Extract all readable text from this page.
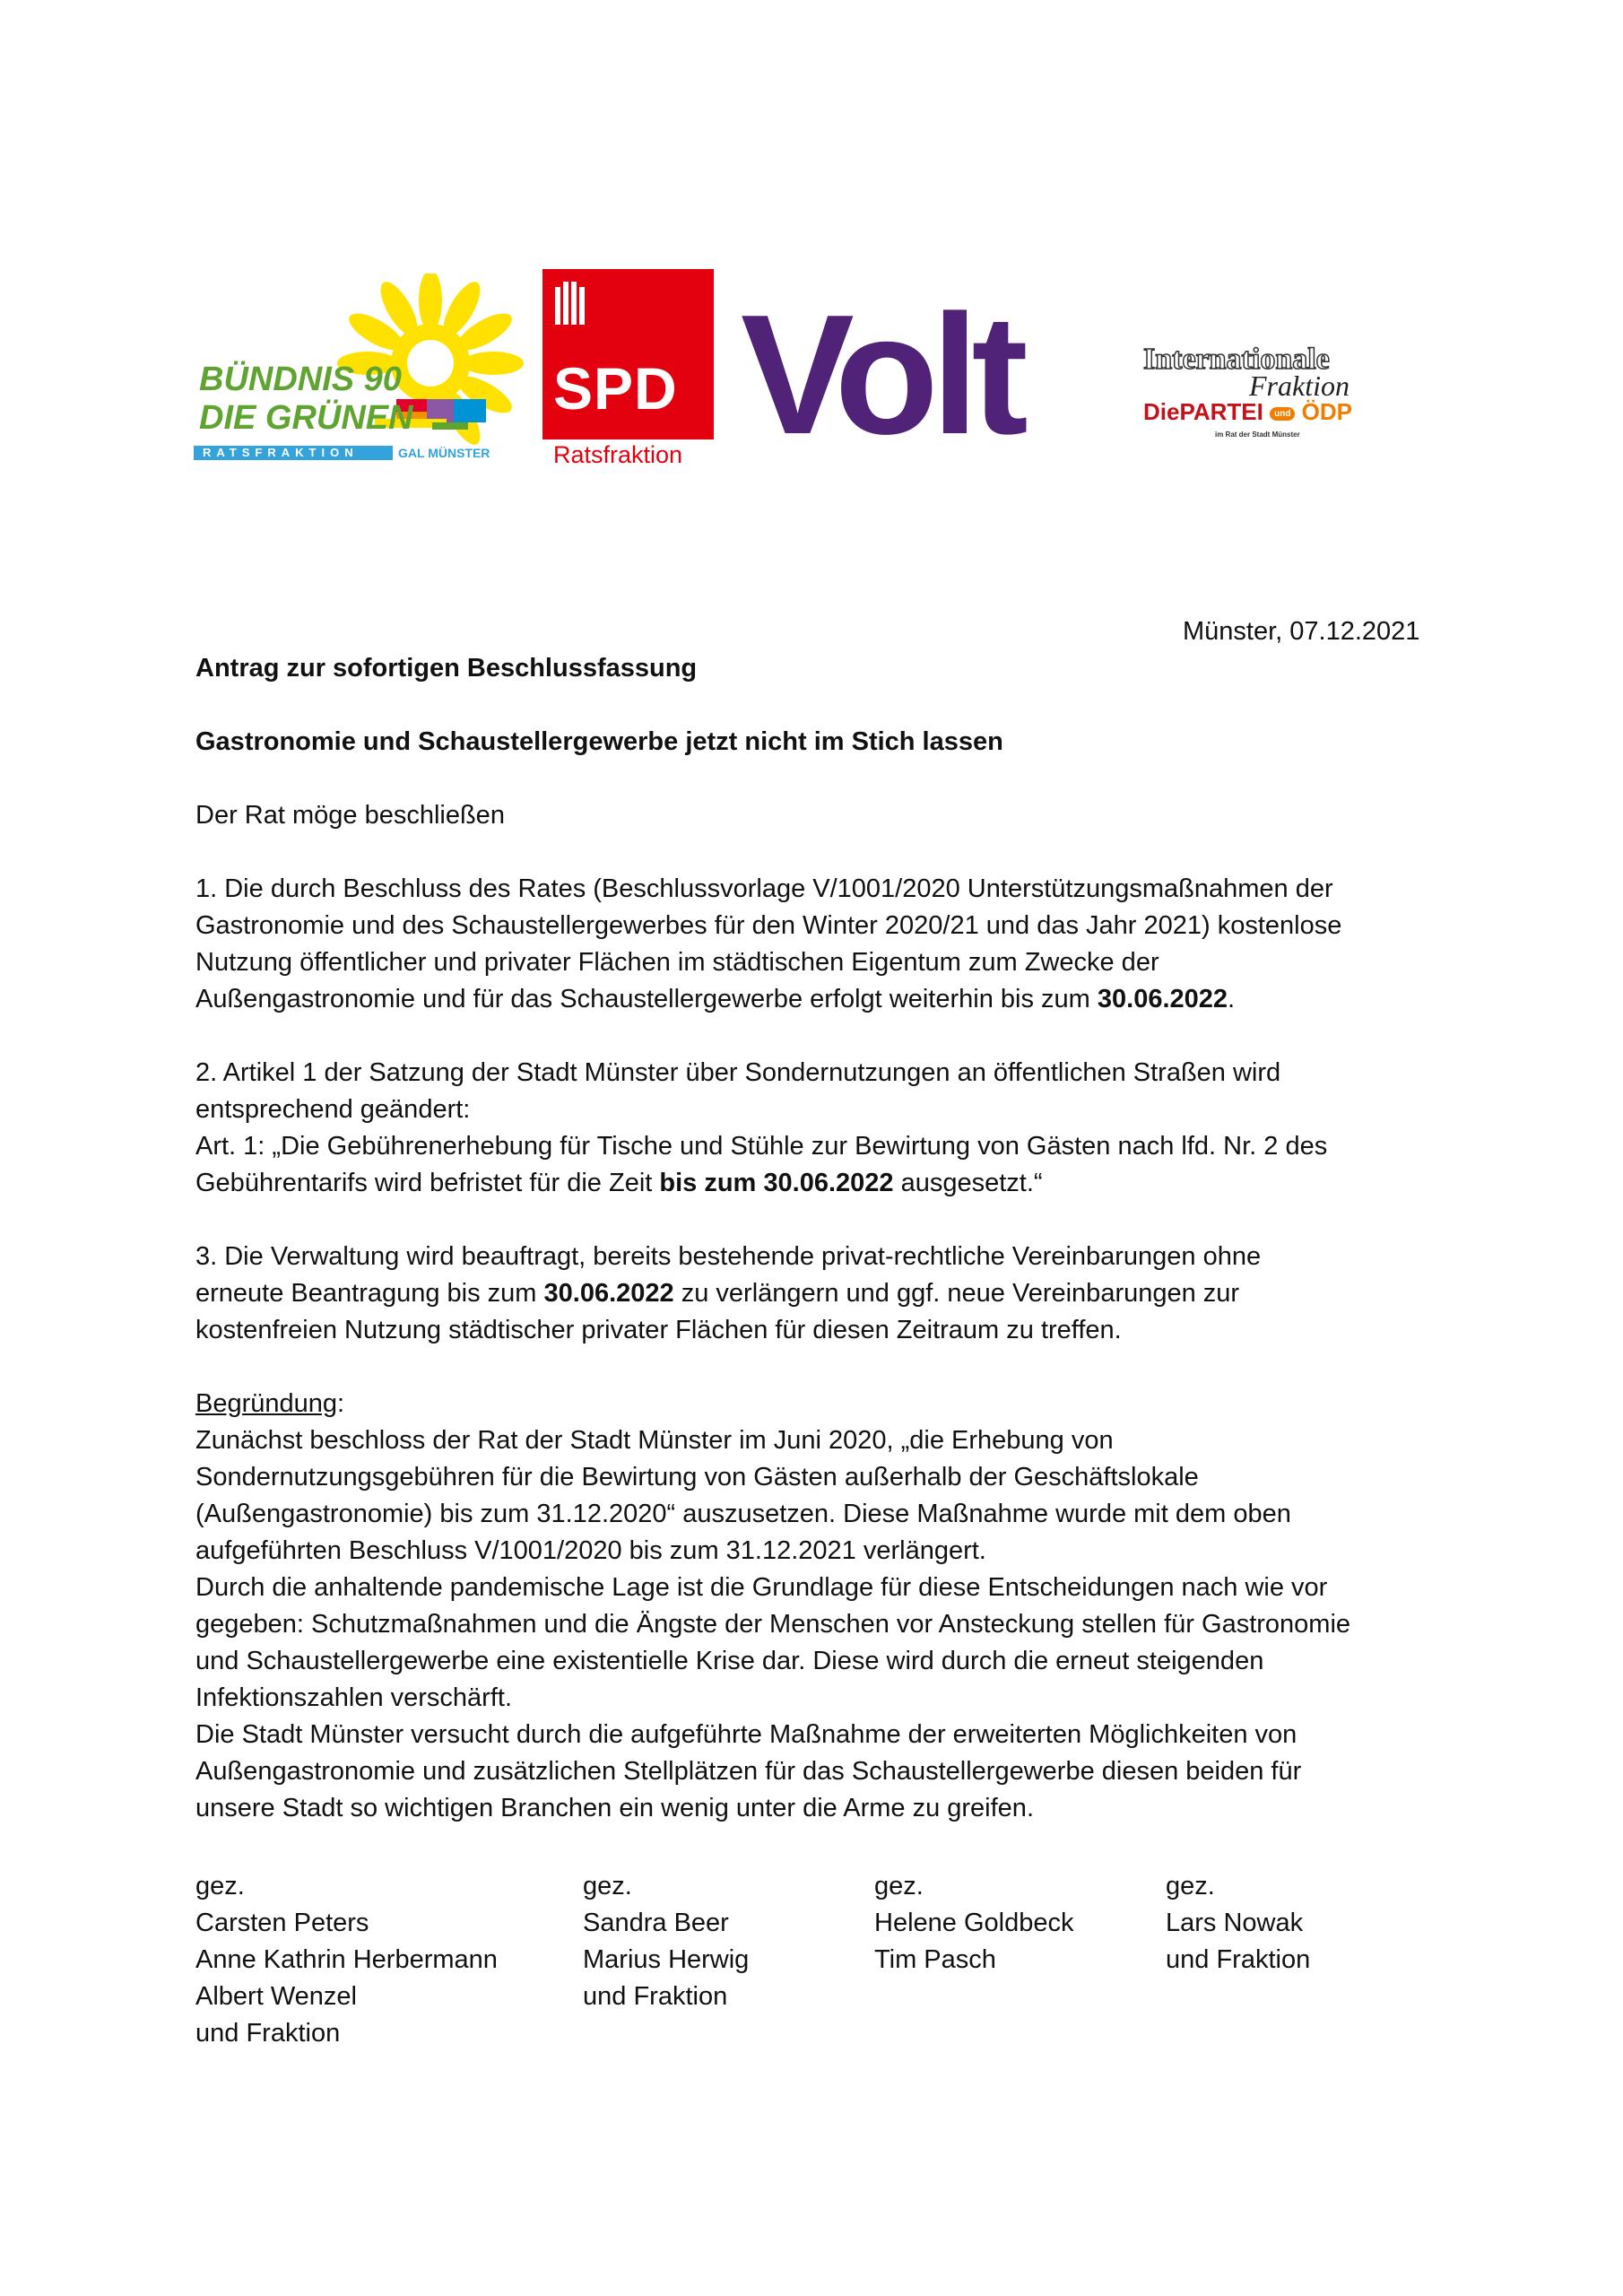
BÜNDNIS 90
DIE GRÜNEN
RATSFRAKTION	GAL MÜNSTER
SPD
Ratsfraktion Volt	Internationale
Fraktion
DiePARTEI und ÖDP
im Rat der Stadt Münster
Münster, 07.12.2021
Antrag zur sofortigen Beschlussfassung
Gastronomie und Schaustellergewerbe jetzt nicht im Stich lassen
Der Rat möge beschließen
1. Die durch Beschluss des Rates (Beschlussvorlage V/1001/2020 Unterstützungsmaßnahmen der
Gastronomie und des Schaustellergewerbes für den Winter 2020/21 und das Jahr 2021) kostenlose
Nutzung öffentlicher und privater Flächen im städtischen Eigentum zum Zwecke der
Außengastronomie und für das Schaustellergewerbe erfolgt weiterhin bis zum 30.06.2022.
2. Artikel 1 der Satzung der Stadt Münster über Sondernutzungen an öffentlichen Straßen wird
entsprechend geändert:
Art. 1: „Die Gebührenerhebung für Tische und Stühle zur Bewirtung von Gästen nach lfd. Nr. 2 des
Gebührentarifs wird befristet für die Zeit bis zum 30.06.2022 ausgesetzt.“
3. Die Verwaltung wird beauftragt, bereits bestehende privat-rechtliche Vereinbarungen ohne
erneute Beantragung bis zum 30.06.2022 zu verlängern und ggf. neue Vereinbarungen zur
kostenfreien Nutzung städtischer privater Flächen für diesen Zeitraum zu treffen.
Begründung:
Zunächst beschloss der Rat der Stadt Münster im Juni 2020, „die Erhebung von
Sondernutzungsgebühren für die Bewirtung von Gästen außerhalb der Geschäftslokale
(Außengastronomie) bis zum 31.12.2020“ auszusetzen. Diese Maßnahme wurde mit dem oben
aufgeführten Beschluss V/1001/2020 bis zum 31.12.2021 verlängert.
Durch die anhaltende pandemische Lage ist die Grundlage für diese Entscheidungen nach wie vor
gegeben: Schutzmaßnahmen und die Ängste der Menschen vor Ansteckung stellen für Gastronomie
und Schaustellergewerbe eine existentielle Krise dar. Diese wird durch die erneut steigenden
Infektionszahlen verschärft.
Die Stadt Münster versucht durch die aufgeführte Maßnahme der erweiterten Möglichkeiten von
Außengastronomie und zusätzlichen Stellplätzen für das Schaustellergewerbe diesen beiden für
unsere Stadt so wichtigen Branchen ein wenig unter die Arme zu greifen.
gez.
Carsten Peters
Anne Kathrin Herbermann
Albert Wenzel
und Fraktion
gez.
Sandra Beer
Marius Herwig
und Fraktion
gez.
Helene Goldbeck
Tim Pasch
gez.
Lars Nowak
und Fraktion
